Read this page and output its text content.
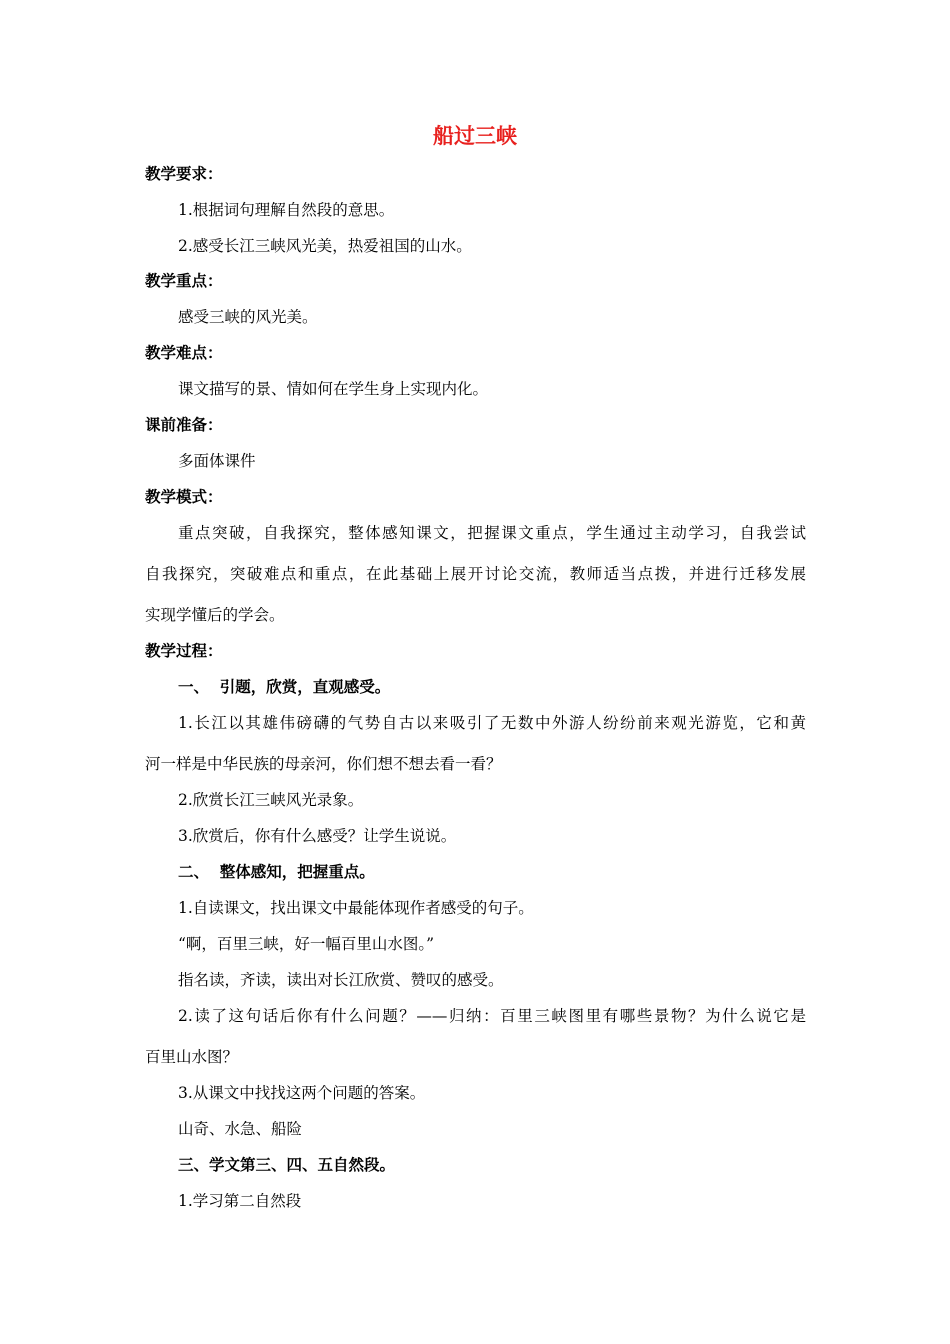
船过三峡

教学要求：

1.根据词句理解自然段的意思。

2.感受长江三峡风光美，热爱祖国的山水。

教学重点：

感受三峡的风光美。

教学难点：

课文描写的景、情如何在学生身上实现内化。

课前准备：

多面体课件

教学模式：

重点突破，自我探究，整体感知课文，把握课文重点，学生通过主动学习，自我尝试

自我探究，突破难点和重点，在此基础上展开讨论交流，教师适当点拨，并进行迁移发展

实现学懂后的学会。

教学过程：

一、  引题，欣赏，直观感受。

1.长江以其雄伟磅礴的气势自古以来吸引了无数中外游人纷纷前来观光游览，它和黄

河一样是中华民族的母亲河，你们想不想去看一看？

2.欣赏长江三峡风光录象。

3.欣赏后，你有什么感受？让学生说说。

二、  整体感知，把握重点。

1.自读课文，找出课文中最能体现作者感受的句子。

“啊，百里三峡，好一幅百里山水图。”

指名读，齐读，读出对长江欣赏、赞叹的感受。

2.读了这句话后你有什么问题？——归纳：百里三峡图里有哪些景物？为什么说它是

百里山水图？

3.从课文中找找这两个问题的答案。

山奇、水急、船险

三、学文第三、四、五自然段。

1.学习第二自然段
